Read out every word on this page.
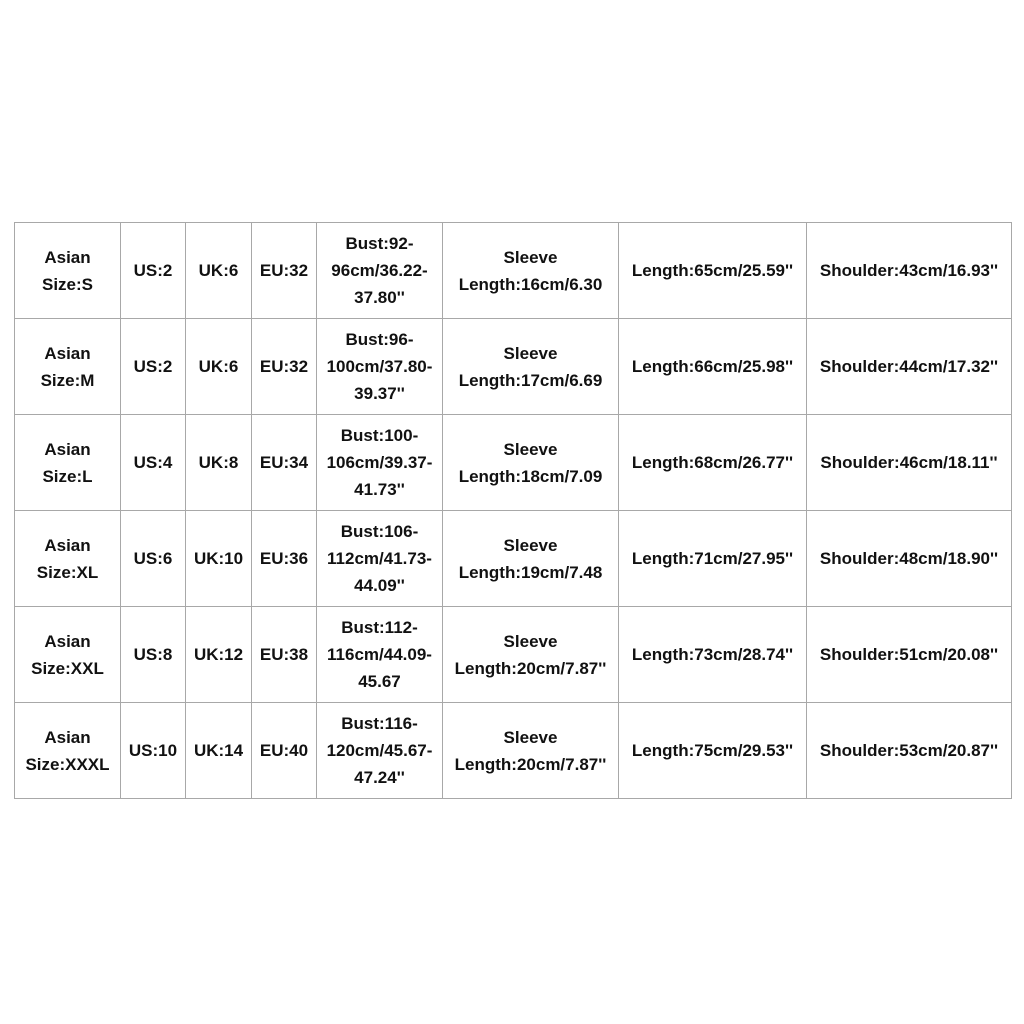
Asian
Size:S	US:2	UK:6	EU:32	Bust:92-
96cm/36.22-
37.80''	Sleeve
Length:16cm/6.30	Length:65cm/25.59''	Shoulder:43cm/16.93''
Asian
Size:M	US:2	UK:6	EU:32	Bust:96-
100cm/37.80-
39.37''	Sleeve
Length:17cm/6.69	Length:66cm/25.98''	Shoulder:44cm/17.32''
Asian
Size:L	US:4	UK:8	EU:34	Bust:100-
106cm/39.37-
41.73''	Sleeve
Length:18cm/7.09	Length:68cm/26.77''	Shoulder:46cm/18.11''
Asian
Size:XL	US:6	UK:10	EU:36	Bust:106-
112cm/41.73-
44.09''	Sleeve
Length:19cm/7.48	Length:71cm/27.95''	Shoulder:48cm/18.90''
Asian
Size:XXL	US:8	UK:12	EU:38	Bust:112-
116cm/44.09-
45.67	Sleeve
Length:20cm/7.87''	Length:73cm/28.74''	Shoulder:51cm/20.08''
Asian
Size:XXXL	US:10	UK:14	EU:40	Bust:116-
120cm/45.67-
47.24''	Sleeve
Length:20cm/7.87''	Length:75cm/29.53''	Shoulder:53cm/20.87''
